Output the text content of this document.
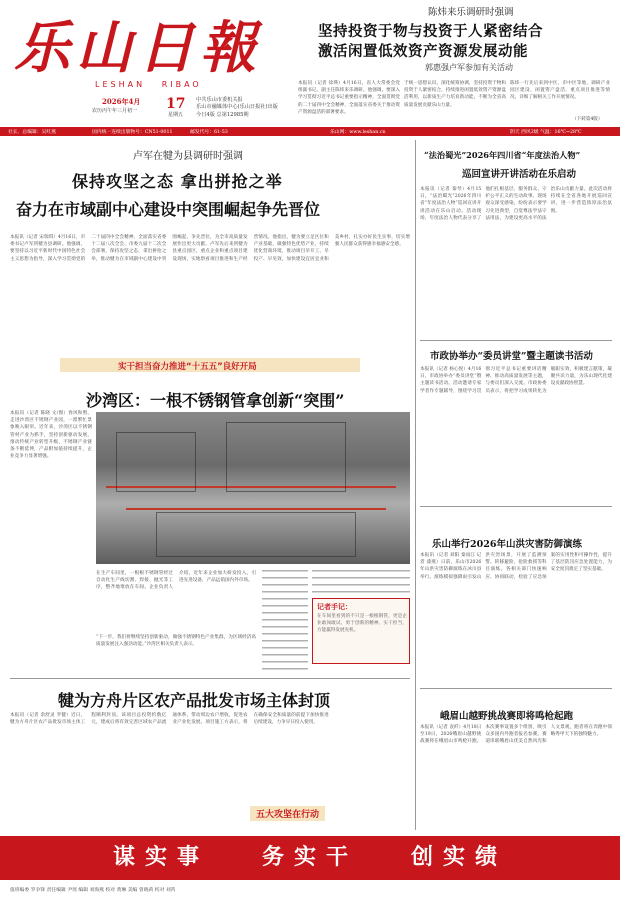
乐山日報
LESHAN   RIBAO
2026年4月 17
农历丙午年三月初一
星期五
中共乐山市委机关报
乐山市融媒体中心(乐山日报社)出版
今日4版 总第12985期
陈炜来乐调研时强调
坚持投资于物与投资于人紧密结合
激活闲置低效资产资源发展动能
郭惠强卢军参加有关活动
本报讯（记者 徐瑛）4月16日，省人大常委会党组副书记、副主任陈炜来乐调研。他强调，要深入学习贯彻习近平总书记重要指示精神，全面贯彻党的二十届四中全会精神，全面落实省委关于推动资产资源盘活的部署要求。
于统一思想认识，深化统筹协调，坚持投资于物和投资于人紧密结合，持续推进闲置低效资产资源盘活利用，以新质生产力培育新动能，不断为全省高质量发展贡献乐山力量。
陈炜一行先后来到中区、市中区等地，调研产业园区建设、闲置资产盘活、重点项目推进等情况，详细了解相关工作开展情况。
（下转第4版）
社长、总编辑：吴红燕	国内统一连续出版物号：CN51-0011	邮发代号：61-53	乐山网：www.leshan.cn	阴天 西风2级 气温：16℃~28℃
卢军在犍为县调研时强调
保持攻坚之态 拿出拼抢之举
奋力在市域副中心建设中突围崛起争先晋位
本报讯（记者 宋瑞琪）4月16日，市委书记卢军到犍为县调研。他强调，要坚持以习近平新时代中国特色社会主义思想为指导，深入学习贯彻党的二十届四中全会精神，全面落实省委十二届八次全会、市委九届十二次全会部署，保持攻坚之态，拿出拼抢之举，推动犍为在市域副中心建设中突围崛起、争先晋位，为全市高质量发展作出更大贡献。卢军先后来到犍为县重点园区、重点企业和重点项目建设现场，实地察看项目推进和生产经营情况。他指出，犍为要立足区位和产业基础，做强特色优势产业，持续优化营商环境，推动项目早开工、早投产、早见效，加快建设宜居宜业和美乡村，扎实办好民生实事，切实增强人民群众获得感幸福感安全感。
实干担当奋力推进“十五五”良好开局
沙湾区：一根不锈钢管拿创新“突围”
本报讯（记者 陈晓 文/图）春风和煦，走进沙湾区不锈钢产业园，一派繁忙景象映入眼帘。近年来，沙湾区以不锈钢管材产业为抓手，坚持创新驱动发展，推动传统产业转型升级，不锈钢产业链条不断延伸，产品附加值持续提升，企业竞争力显著增强。
在生产车间里，一根根不锈钢管经过自动化生产线切割、焊接、抛光等工序，整齐地堆放在车间。企业负责人介绍，近年来企业加大研发投入，引进先进设备，产品远销国内外市场。
“下一步，我们将继续坚持创新驱动，做强不锈钢特色产业集群，为区域经济高质量发展注入强劲动能。”沙湾区相关负责人表示。
记者手记：
在车间里看到的不只是一根根钢管，更是企业敢闯敢试、勇于创新的精神。实干担当，方能赢得发展先机。
犍为方舟片区农产品批发市场主体封顶
本报讯（记者 余舒灵 罗健）近日，犍为方舟片区农产品批发市场主体工程顺利封顶。该项目总投资约数亿元，建成后将有效完善区域农产品流通体系，带动周边农户增收，促进农业产业化发展。项目施工方表示，将在确保安全和质量的前提下加快推进后续建设，力争早日投入使用。
五大攻坚在行动
“法治蜀光”2026年四川省“年度法治人物”
巡回宣讲开讲活动在乐启动
本报讯（记者 秦琴）4月15日，“法治蜀光”2026年四川省“年度法治人物”巡回宣讲开讲活动在乐山启动。活动现场，年度法治人物代表分享了他们扎根基层、服务群众、守护公平正义的生动故事。现场观众深受感染，纷纷表示要学习先进典型，自觉尊法学法守法用法，为建设更高水平的法治乐山贡献力量。此次活动将持续在全省各地开展巡回宣讲，进一步营造浓厚法治氛围。
市政协举办“委员讲堂”暨主题读书活动
本报讯（记者 杨心悦）4月16日，市政协举办“委员讲堂”暨主题读书活动。活动邀请专家学者作专题辅导，围绕学习贯彻习近平总书记重要讲话精神、推动高质量发展等主题，与委员们深入交流。市政协委员表示，将把学习成果转化为履职实效，积极建言献策，凝聚共识力量，为乐山现代化建设贡献政协智慧。
乐山举行2026年山洪灾害防御演练
本报讯（记者 刘阳 秦雨江 记者 漆燕）日前，乐山市2026年山洪灾害防御演练在沐川县举行。演练模拟强降雨引发山洪灾害场景，开展了监测预警、转移避险、抢险救援等科目演练。各相关部门快速响应、协同联动，检验了应急预案的实用性和可操作性，提升了基层防汛应急处置能力，为安全度汛奠定了坚实基础。
峨眉山越野挑战赛即将鸣枪起跑
本报讯（记者 袁纤）4月18日至19日，2026峨眉山越野挑战赛将在峨眉山市鸣枪开跑。本次赛事设置多个组别，吸引众多国内外跑者报名参赛。赛道串联峨眉山优美自然风光和人文景观，跑者将在奔跑中领略秀甲天下的独特魅力。
谋实事   务实干   创实绩
值班编委 罗争锋 责任编辑 尹瑶 编辑 刘海燕 校对 黄琳 美编 曾晓莉 校对 刘芮
